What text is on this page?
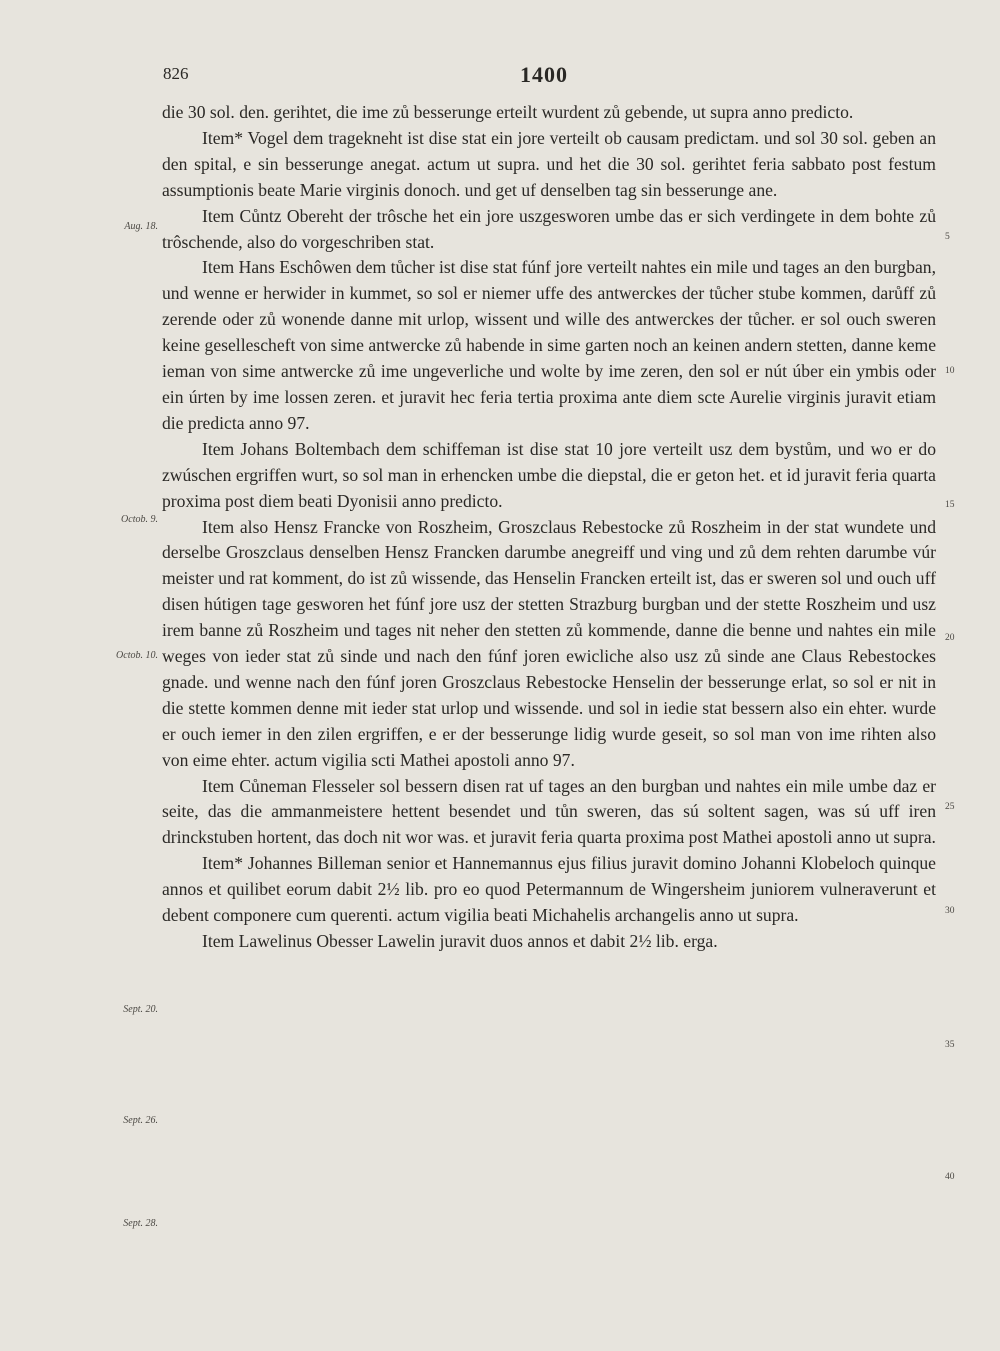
826	1400

die 30 sol. den. gerihtet, die ime zů besserunge erteilt wurdent zů gebende, ut supra anno predicto.

Item* Vogel dem tragekneht ist dise stat ein jore verteilt ob causam predictam. und sol 30 sol. geben an den spital, e sin besserunge anegat. actum ut supra. und het die 30 sol. gerihtet feria sabbato post festum assumptionis beate Marie virginis donoch. und get uf denselben tag sin besserunge ane.

Item Cůntz Obereht der trôsche het ein jore uszgesworen umbe das er sich verdingete in dem bohte zů trôschende, also do vorgeschriben stat.

Item Hans Eschôwen dem tůcher ist dise stat fúnf jore verteilt nahtes ein mile und tages an den burgban, und wenne er herwider in kummet, so sol er niemer uffe des antwerckes der tůcher stube kommen, darůff zů zerende oder zů wonende danne mit urlop, wissent und wille des antwerckes der tůcher. er sol ouch sweren keine gesellescheft von sime antwercke zů habende in sime garten noch an keinen andern stetten, danne keme ieman von sime antwercke zů ime ungeverliche und wolte by ime zeren, den sol er nút úber ein ymbis oder ein úrten by ime lossen zeren. et juravit hec feria tertia proxima ante diem scte Aurelie virginis juravit etiam die predicta anno 97.

Item Johans Boltembach dem schiffeman ist dise stat 10 jore verteilt usz dem bystům, und wo er do zwúschen ergriffen wurt, so sol man in erhencken umbe die diepstal, die er geton het. et id juravit feria quarta proxima post diem beati Dyonisii anno predicto.

Item also Hensz Francke von Roszheim, Groszclaus Rebestocke zů Roszheim in der stat wundete und derselbe Groszclaus denselben Hensz Francken darumbe anegreiff und ving und zů dem rehten darumbe vúr meister und rat komment, do ist zů wissende, das Henselin Francken erteilt ist, das er sweren sol und ouch uff disen hútigen tage gesworen het fúnf jore usz der stetten Strazburg burgban und der stette Roszheim und usz irem banne zů Roszheim und tages nit neher den stetten zů kommende, danne die benne und nahtes ein mile weges von ieder stat zů sinde und nach den fúnf joren ewicliche also usz zů sinde ane Claus Rebestockes gnade. und wenne nach den fúnf joren Groszclaus Rebestocke Henselin der besserunge erlat, so sol er nit in die stette kommen denne mit ieder stat urlop und wissende. und sol in iedie stat bessern also ein ehter. wurde er ouch iemer in den zilen ergriffen, e er der besserunge lidig wurde geseit, so sol man von ime rihten also von eime ehter. actum vigilia scti Mathei apostoli anno 97.

Item Cůneman Flesseler sol bessern disen rat uf tages an den burgban und nahtes ein mile umbe daz er seite, das die ammanmeistere hettent besendet und tůn sweren, das sú soltent sagen, was sú uff iren drinckstuben hortent, das doch nit wor was. et juravit feria quarta proxima post Mathei apostoli anno ut supra.

Item* Johannes Billeman senior et Hannemannus ejus filius juravit domino Johanni Klobeloch quinque annos et quilibet eorum dabit 2½ lib. pro eo quod Petermannum de Wingersheim juniorem vulneraverunt et debent componere cum querenti. actum vigilia beati Michahelis archangelis anno ut supra.

Item Lawelinus Obesser Lawelin juravit duos annos et dabit 2½ lib. erga.

Aug. 18.
Octob. 9.
Octob. 10.
Sept. 20.
Sept. 26.
Sept. 28.
5
10
15
20
25
30
35
40
